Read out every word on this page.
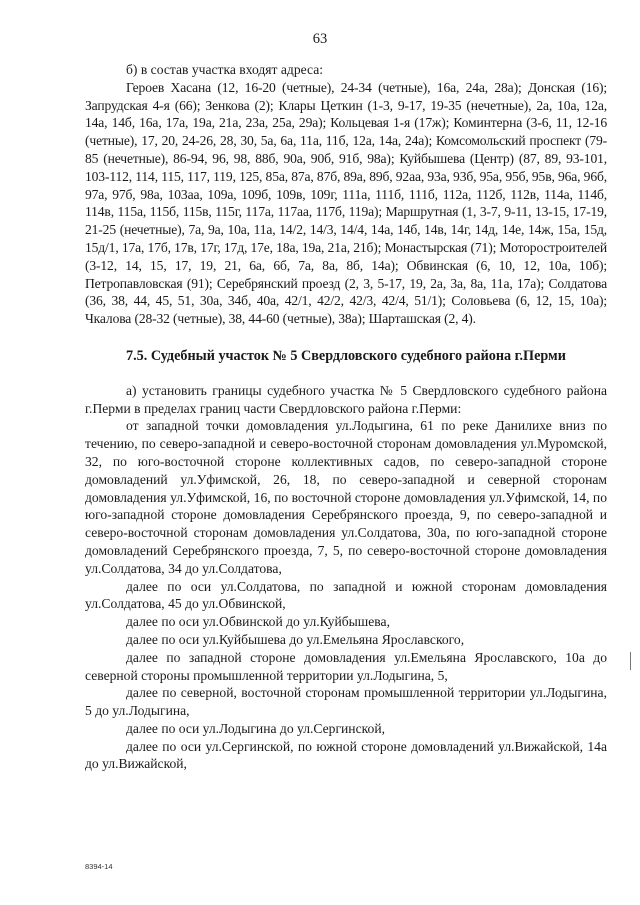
63

б) в состав участка входят адреса:

Героев Хасана (12, 16-20 (четные), 24-34 (четные), 16а, 24а, 28а); Донская (16); Запрудская 4-я (66); Зенкова (2); Клары Цеткин (1-3, 9-17, 19-35 (нечетные), 2а, 10а, 12а, 14а, 14б, 16а, 17а, 19а, 21а, 23а, 25а, 29а); Кольцевая 1-я (17ж); Коминтерна (3-6, 11, 12-16 (четные), 17, 20, 24-26, 28, 30, 5а, 6а, 11а, 11б, 12а, 14а, 24а); Комсомольский проспект (79-85 (нечетные), 86-94, 96, 98, 88б, 90а, 90б, 91б, 98а); Куйбышева (Центр) (87, 89, 93-101, 103-112, 114, 115, 117, 119, 125, 85а, 87а, 87б, 89а, 89б, 92аа, 93а, 93б, 95а, 95б, 95в, 96а, 96б, 97а, 97б, 98а, 103аа, 109а, 109б, 109в, 109г, 111а, 111б, 111б, 112а, 112б, 112в, 114а, 114б, 114в, 115а, 115б, 115в, 115г, 117а, 117аа, 117б, 119а); Маршрутная (1, 3-7, 9-11, 13-15, 17-19, 21-25 (нечетные), 7а, 9а, 10а, 11а, 14/2, 14/3, 14/4, 14а, 14б, 14в, 14г, 14д, 14е, 14ж, 15а, 15д, 15д/1, 17а, 17б, 17в, 17г, 17д, 17е, 18а, 19а, 21а, 21б); Монастырская (71); Моторостроителей (3-12, 14, 15, 17, 19, 21, 6а, 6б, 7а, 8а, 8б, 14а); Обвинская (6, 10, 12, 10а, 10б); Петропавловская (91); Серебрянский проезд (2, 3, 5-17, 19, 2а, 3а, 8а, 11а, 17а); Солдатова (36, 38, 44, 45, 51, 30а, 34б, 40а, 42/1, 42/2, 42/3, 42/4, 51/1); Соловьева (6, 12, 15, 10а); Чкалова (28-32 (четные), 38, 44-60 (четные), 38а); Шарташская (2, 4).

7.5. Судебный участок № 5 Свердловского судебного района г.Перми

а) установить границы судебного участка № 5 Свердловского судебного района г.Перми в пределах границ части Свердловского района г.Перми:

от западной точки домовладения ул.Лодыгина, 61 по реке Данилихе вниз по течению, по северо-западной и северо-восточной сторонам домовладения ул.Муромской, 32, по юго-восточной стороне коллективных садов, по северо-западной стороне домовладений ул.Уфимской, 26, 18, по северо-западной и северной сторонам домовладения ул.Уфимской, 16, по восточной стороне домовладения ул.Уфимской, 14, по юго-западной стороне домовладения Серебрянского проезда, 9, по северо-западной и северо-восточной сторонам домовладения ул.Солдатова, 30а, по юго-западной стороне домовладений Серебрянского проезда, 7, 5, по северо-восточной стороне домовладения ул.Солдатова, 34 до ул.Солдатова,

далее по оси ул.Солдатова, по западной и южной сторонам домовладения ул.Солдатова, 45 до ул.Обвинской,

далее по оси ул.Обвинской до ул.Куйбышева,

далее по оси ул.Куйбышева до ул.Емельяна Ярославского,

далее по западной стороне домовладения ул.Емельяна Ярославского, 10а до северной стороны промышленной территории ул.Лодыгина, 5,

далее по северной, восточной сторонам промышленной территории ул.Лодыгина, 5 до ул.Лодыгина,

далее по оси ул.Лодыгина до ул.Сергинской,

далее по оси ул.Сергинской, по южной стороне домовладений ул.Вижайской, 14а до ул.Вижайской,

8394-14
